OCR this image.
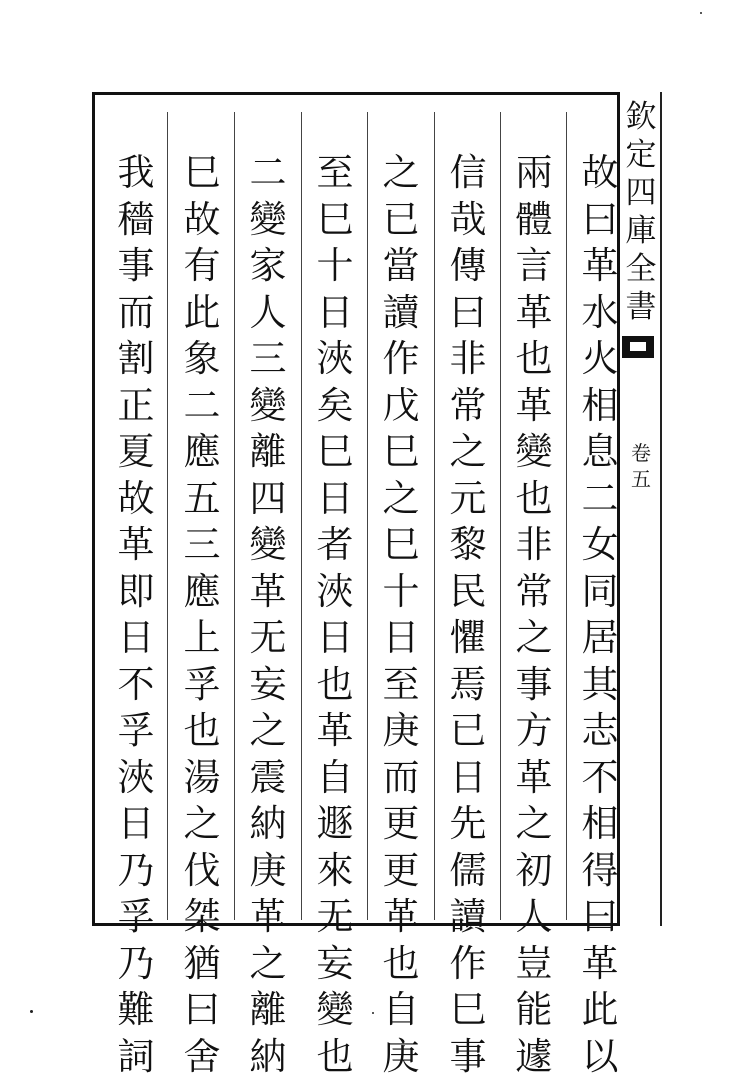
故
曰
革
水
火
相
息
二
女
同
居
其
志
不
相
得
曰
革
此
以
兩
體
言
革
也
革
變
也
非
常
之
事
方
革
之
初
人
豈
能
遽
信
哉
傳
曰
非
常
之
元
黎
民
懼
焉
已
日
先
儒
讀
作
巳
事
之
已
當
讀
作
戊
巳
之
巳
十
日
至
庚
而
更
更
革
也
自
庚
至
巳
十
日
浹
矣
巳
日
者
浹
日
也
革
自
遯
來
无
妄
變
也
二
變
家
人
三
變
離
四
變
革
无
妄
之
震
納
庚
革
之
離
納
巳
故
有
此
象
二
應
五
三
應
上
孚
也
湯
之
伐
桀
猶
曰
舍
我
穡
事
而
割
正
夏
故
革
即
日
不
孚
浹
日
乃
孚
乃
難
詞
欽
定
四
庫
全
書
卷
五
